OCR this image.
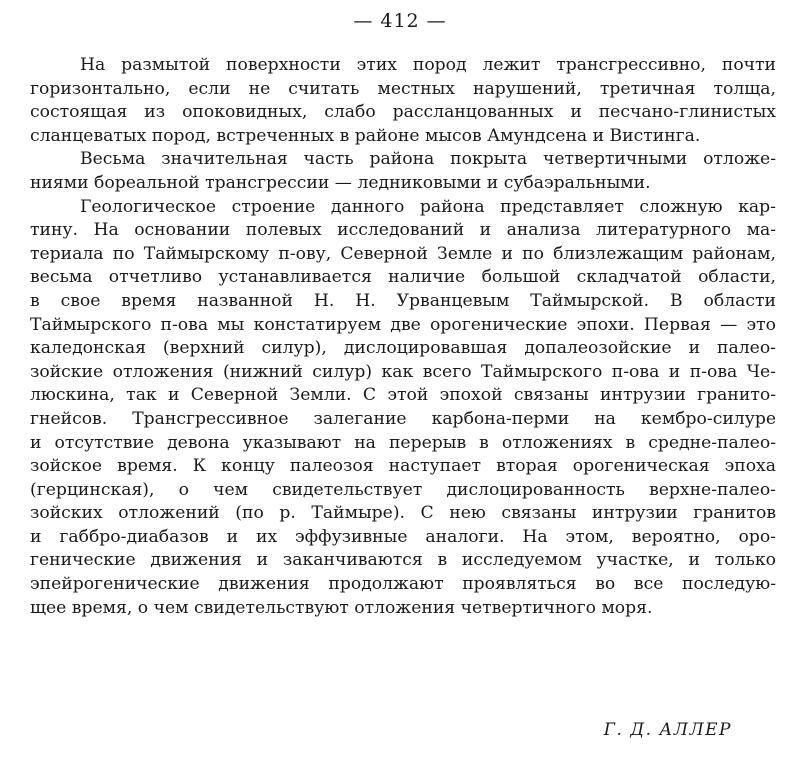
— 412 —
На размытой поверхности этих пород лежит трансгрессивно, почти
горизонтально, если не считать местных нарушений, третичная толща,
состоящая из опоковидных, слабо рассланцованных и песчано-глинистых
сланцеватых пород, встреченных в районе мысов Амундсена и Вистинга.
Весьма значительная часть района покрыта четвертичными отложе-
ниями бореальной трансгрессии — ледниковыми и субаэральными.
Геологическое строение данного района представляет сложную кар-
тину. На основании полевых исследований и анализа литературного ма-
териала по Таймырскому п-ову, Северной Земле и по близлежащим районам,
весьма отчетливо устанавливается наличие большой складчатой области,
в свое время названной Н. Н. Урванцевым Таймырской. В области
Таймырского п-ова мы констатируем две орогенические эпохи. Первая — это
каледонская (верхний силур), дислоцировавшая допалеозойские и палео-
зойские отложения (нижний силур) как всего Таймырского п-ова и п-ова Че-
люскина, так и Северной Земли. С этой эпохой связаны интрузии гранито-
гнейсов. Трансгрессивное залегание карбона-перми на кембро-силуре
и отсутствие девона указывают на перерыв в отложениях в средне-палео-
зойское время. К концу палеозоя наступает вторая орогеническая эпоха
(герцинская), о чем свидетельствует дислоцированность верхне-палео-
зойских отложений (по р. Таймыре). С нею связаны интрузии гранитов
и габбро-диабазов и их эффузивные аналоги. На этом, вероятно, оро-
генические движения и заканчиваются в исследуемом участке, и только
эпейрогенические движения продолжают проявляться во все последую-
щее время, о чем свидетельствуют отложения четвертичного моря.
Г. Д. АЛЛЕР
